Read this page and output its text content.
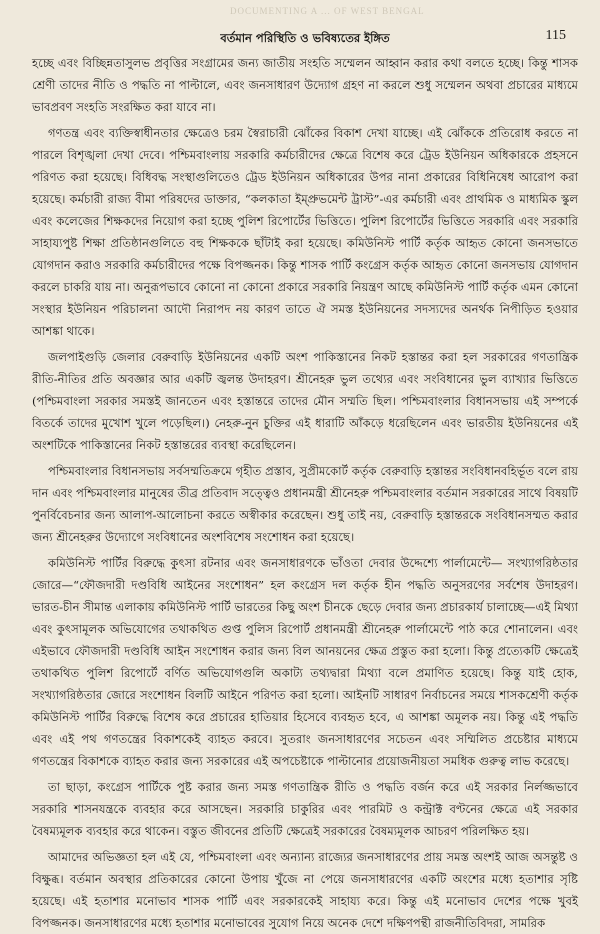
DOCUMENTING A ... OF WEST BENGAL
বর্তমান পরিস্থিতি ও ভবিষ্যতের ইঙ্গিত	115

হচ্ছে এবং বিচ্ছিন্নতাসুলভ প্রবৃত্তির সংগ্রামের জন্য জাতীয় সংহতি সম্মেলন আহ্বান করার কথা বলতে হচ্ছে। কিন্তু শাসক শ্রেণী তাদের নীতি ও পদ্ধতি না পাল্টালে, এবং জনসাধারণ উদ্যোগ গ্রহণ না করলে শুধু সম্মেলন অথবা প্রচারের মাধ্যমে ভাবপ্রবণ সংহতি সংরক্ষিত করা যাবে না।

গণতন্ত্র এবং ব্যক্তিস্বাধীনতার ক্ষেত্রেও চরম স্বৈরাচারী ঝোঁকের বিকাশ দেখা যাচ্ছে। এই ঝোঁককে প্রতিরোধ করতে না পারলে বিশৃঙ্খলা দেখা দেবে। পশ্চিমবাংলায় সরকারি কর্মচারীদের ক্ষেত্রে বিশেষ করে ট্রেড ইউনিয়ন অধিকারকে প্রহসনে পরিণত করা হয়েছে। বিধিবদ্ধ সংস্থাগুলিতেও ট্রেড ইউনিয়ন অধিকারের উপর নানা প্রকারের বিধিনিষেধ আরোপ করা হয়েছে। কর্মচারী রাজ্য বীমা পরিষদের ডাক্তার, “কলকাতা ইম্প্রুভমেন্ট ট্রাস্ট”-এর কর্মচারী এবং প্রাথমিক ও মাধ্যমিক স্কুল এবং কলেজের শিক্ষকদের নিয়োগ করা হচ্ছে পুলিশ রিপোর্টের ভিত্তিতে। পুলিশ রিপোর্টের ভিত্তিতে সরকারি এবং সরকারি সাহায্যপুষ্ট শিক্ষা প্রতিষ্ঠানগুলিতে বহু শিক্ষককে ছাঁটাই করা হয়েছে। কমিউনিস্ট পার্টি কর্তৃক আহৃত কোনো জনসভাতে যোগদান করাও সরকারি কর্মচারীদের পক্ষে বিপজ্জনক। কিন্তু শাসক পার্টি কংগ্রেস কর্তৃক আহৃত কোনো জনসভায় যোগদান করলে চাকরি যায় না। অনুরূপভাবে কোনো না কোনো প্রকারে সরকারি নিয়ন্ত্রণ আছে কমিউনিস্ট পার্টি কর্তৃক এমন কোনো সংস্থার ইউনিয়ন পরিচালনা আদৌ নিরাপদ নয় কারণ তাতে ঐ সমস্ত ইউনিয়নের সদস্যদের অনর্থক নিপীড়িত হওয়ার আশঙ্কা থাকে।

জলপাইগুড়ি জেলার বেরুবাড়ি ইউনিয়নের একটি অংশ পাকিস্তানের নিকট হস্তান্তর করা হল সরকারের গণতান্ত্রিক রীতি-নীতির প্রতি অবজ্ঞার আর একটি জ্বলন্ত উদাহরণ। শ্রীনেহরু ভুল তথ্যের এবং সংবিধানের ভুল ব্যাখ্যার ভিত্তিতে (পশ্চিমবাংলা সরকার সমস্তই জানতেন এবং হস্তান্তরে তাদের মৌন সম্মতি ছিল। পশ্চিমবাংলার বিধানসভায় এই সম্পর্কে বিতর্কে তাদের মুখোশ খুলে পড়েছিল।) নেহরু-নুন চুক্তির এই ধারাটি আঁকড়ে ধরেছিলেন এবং ভারতীয় ইউনিয়নের এই অংশটিকে পাকিস্তানের নিকট হস্তান্তরের ব্যবস্থা করেছিলেন।

পশ্চিমবাংলার বিধানসভায় সর্বসম্মতিক্রমে গৃহীত প্রস্তাব, সুপ্রীমকোর্ট কর্তৃক বেরুবাড়ি হস্তান্তর সংবিধানবহির্ভূত বলে রায় দান এবং পশ্চিমবাংলার মানুষের তীব্র প্রতিবাদ সত্ত্বেও প্রধানমন্ত্রী শ্রীনেহরু পশ্চিমবাংলার বর্তমান সরকারের সাথে বিষয়টি পুনর্বিবেচনার জন্য আলাপ-আলোচনা করতে অস্বীকার করেছেন। শুধু তাই নয়, বেরুবাড়ি হস্তান্তরকে সংবিধানসম্মত করার জন্য শ্রীনেহরুর উদ্যোগে সংবিধানের অংশবিশেষ সংশোধন করা হয়েছে।

কমিউনিস্ট পার্টির বিরুদ্ধে কুৎসা রটনার এবং জনসাধারণকে ভাঁওতা দেবার উদ্দেশ্যে পার্লামেন্টে— সংখ্যাগরিষ্ঠতার জোরে—“ফৌজদারী দণ্ডবিধি আইনের সংশোধন” হল কংগ্রেস দল কর্তৃক হীন পদ্ধতি অনুসরণের সর্বশেষ উদাহরণ। ভারত-চীন সীমান্ত এলাকায় কমিউনিস্ট পার্টি ভারতের কিছু অংশ চীনকে ছেড়ে দেবার জন্য প্রচারকার্য চালাচ্ছে—এই মিথ্যা এবং কুৎসামূলক অভিযোগের তথাকথিত গুপ্ত পুলিস রিপোর্ট প্রধানমন্ত্রী শ্রীনেহরু পার্লামেন্টে পাঠ করে শোনালেন। এবং এইভাবে ফৌজদারী দণ্ডবিধি আইন সংশোধন করার জন্য বিল আনয়নের ক্ষেত্র প্রস্তুত করা হলো। কিন্তু প্রত্যেকটি ক্ষেত্রেই তথাকথিত পুলিশ রিপোর্টে বর্ণিত অভিযোগগুলি অকাট্য তথ্যদ্বারা মিথ্যা বলে প্রমাণিত হয়েছে। কিন্তু যাই হোক, সংখ্যাগরিষ্ঠতার জোরে সংশোধন বিলটি আইনে পরিণত করা হলো। আইনটি সাধারণ নির্বাচনের সময়ে শাসকশ্রেণী কর্তৃক কমিউনিস্ট পার্টির বিরুদ্ধে বিশেষ করে প্রচারের হাতিয়ার হিসেবে ব্যবহৃত হবে, এ আশঙ্কা অমূলক নয়। কিন্তু এই পদ্ধতি এবং এই পথ গণতন্ত্রের বিকাশকেই ব্যাহত করবে। সুতরাং জনসাধারণের সচেতন এবং সম্মিলিত প্রচেষ্টার মাধ্যমে গণতন্ত্রের বিকাশকে ব্যাহত করার জন্য সরকারের এই অপচেষ্টাকে পাল্টানোর প্রয়োজনীয়তা সমধিক গুরুত্ব লাভ করেছে।

তা ছাড়া, কংগ্রেস পার্টিকে পুষ্ট করার জন্য সমস্ত গণতান্ত্রিক রীতি ও পদ্ধতি বর্জন করে এই সরকার নির্লজ্জভাবে সরকারি শাসনযন্ত্রকে ব্যবহার করে আসছেন। সরকারি চাকুরির এবং পারমিট ও কন্ট্রাক্ট বণ্টনের ক্ষেত্রে এই সরকার বৈষম্যমূলক ব্যবহার করে থাকেন। বস্তুত জীবনের প্রতিটি ক্ষেত্রেই সরকারের বৈষম্যমূলক আচরণ পরিলক্ষিত হয়।

আমাদের অভিজ্ঞতা হল এই যে, পশ্চিমবাংলা এবং অন্যান্য রাজ্যের জনসাধারণের প্রায় সমস্ত অংশই আজ অসন্তুষ্ট ও বিক্ষুব্ধ। বর্তমান অবস্থার প্রতিকারের কোনো উপায় খুঁজে না পেয়ে জনসাধারণের একটি অংশের মধ্যে হতাশার সৃষ্টি হয়েছে। এই হতাশার মনোভাব শাসক পার্টি এবং সরকারকেই সাহায্য করে। কিন্তু এই মনোভাব দেশের পক্ষে খুবই বিপজ্জনক। জনসাধারণের মধ্যে হতাশার মনোভাবের সুযোগ নিয়ে অনেক দেশে দক্ষিণপন্থী রাজনীতিবিদরা, সামরিক
